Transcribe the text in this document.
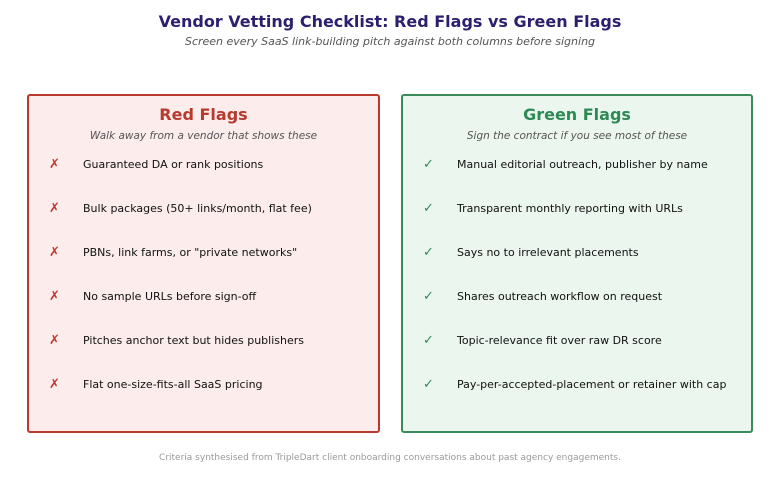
Vendor Vetting Checklist: Red Flags vs Green Flags

Screen every SaaS link-building pitch against both columns before signing

Red Flags

Walk away from a vendor that shows these

✗ Guaranteed DA or rank positions
✗ Bulk packages (50+ links/month, flat fee)
✗ PBNs, link farms, or "private networks"
✗ No sample URLs before sign-off
✗ Pitches anchor text but hides publishers
✗ Flat one-size-fits-all SaaS pricing
Green Flags

Sign the contract if you see most of these

✓ Manual editorial outreach, publisher by name
✓ Transparent monthly reporting with URLs
✓ Says no to irrelevant placements
✓ Shares outreach workflow on request
✓ Topic-relevance fit over raw DR score
✓ Pay-per-accepted-placement or retainer with cap

Criteria synthesised from TripleDart client onboarding conversations about past agency engagements.
